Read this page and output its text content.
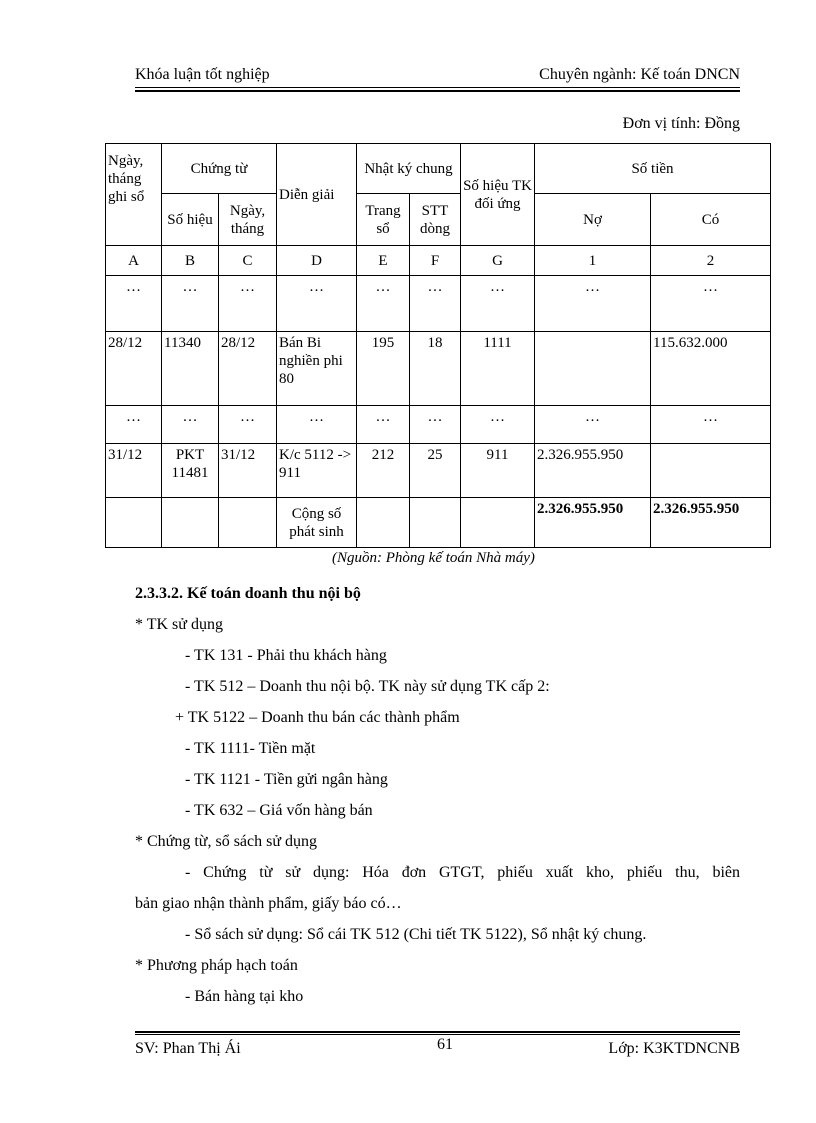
Khóa luận tốt nghiệp	Chuyên ngành: Kế toán DNCN
Đơn vị tính: Đồng
Ngày, tháng ghi sổ	Chứng từ		Diễn giải	Nhật ký chung		Số hiệu TK đối ứng	Số tiền	
	Số hiệu	Ngày, tháng		Trang sổ	STT dòng		Nợ	Có
A	B	C	D	E	F	G	1	2
…	…	…	…	…	…	…	…	…
28/12	11340	28/12	Bán Bi nghiền phi 80	195	18	1111		115.632.000
…	…	…	…	…	…	…	…	…
31/12	PKT 11481	31/12	K/c 5112 -> 911	212	25	911	2.326.955.950	
			Cộng số phát sinh				2.326.955.950	2.326.955.950
(Nguồn: Phòng kế toán Nhà máy)

2.3.3.2. Kế toán doanh thu nội bộ

* TK sử dụng

- TK 131 - Phải thu khách hàng

- TK 512 – Doanh thu nội bộ. TK này sử dụng TK cấp 2:

+ TK 5122 – Doanh thu bán các thành phẩm

- TK 1111- Tiền mặt

- TK 1121 - Tiền gửi ngân hàng

- TK 632 – Giá vốn hàng bán

* Chứng từ, sổ sách sử dụng

- Chứng từ sử dụng: Hóa đơn GTGT, phiếu xuất kho, phiếu thu, biên

bản giao nhận thành phẩm, giấy báo có…

- Sổ sách sử dụng: Sổ cái TK 512 (Chi tiết TK 5122), Sổ nhật ký chung.

* Phương pháp hạch toán

- Bán hàng tại kho

SV: Phan Thị Ái	61	Lớp: K3KTDNCNB
